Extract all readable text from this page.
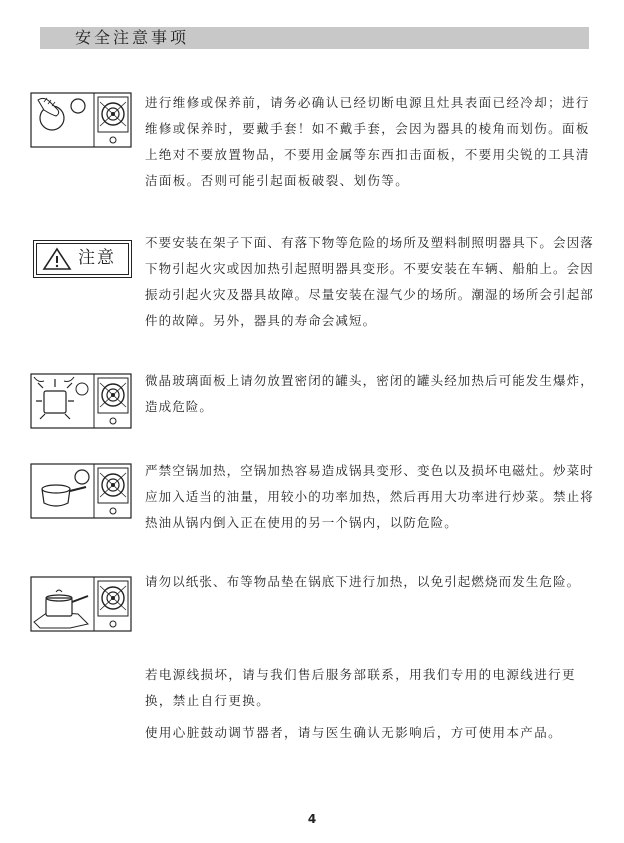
安全注意事项

进行维修或保养前，请务必确认已经切断电源且灶具表面已经冷却；进行维修或保养时，要戴手套！如不戴手套，会因为器具的棱角而划伤。面板上绝对不要放置物品，不要用金属等东西扣击面板，不要用尖锐的工具清洁面板。否则可能引起面板破裂、划伤等。

注意

不要安装在架子下面、有落下物等危险的场所及塑料制照明器具下。会因落下物引起火灾或因加热引起照明器具变形。不要安装在车辆、船舶上。会因振动引起火灾及器具故障。尽量安装在湿气少的场所。潮湿的场所会引起部件的故障。另外，器具的寿命会减短。

微晶玻璃面板上请勿放置密闭的罐头，密闭的罐头经加热后可能发生爆炸，造成危险。

严禁空锅加热，空锅加热容易造成锅具变形、变色以及损坏电磁灶。炒菜时应加入适当的油量，用较小的功率加热，然后再用大功率进行炒菜。禁止将热油从锅内倒入正在使用的另一个锅内，以防危险。

请勿以纸张、布等物品垫在锅底下进行加热，以免引起燃烧而发生危险。

若电源线损坏，请与我们售后服务部联系，用我们专用的电源线进行更换，禁止自行更换。

使用心脏鼓动调节器者，请与医生确认无影响后，方可使用本产品。

4
